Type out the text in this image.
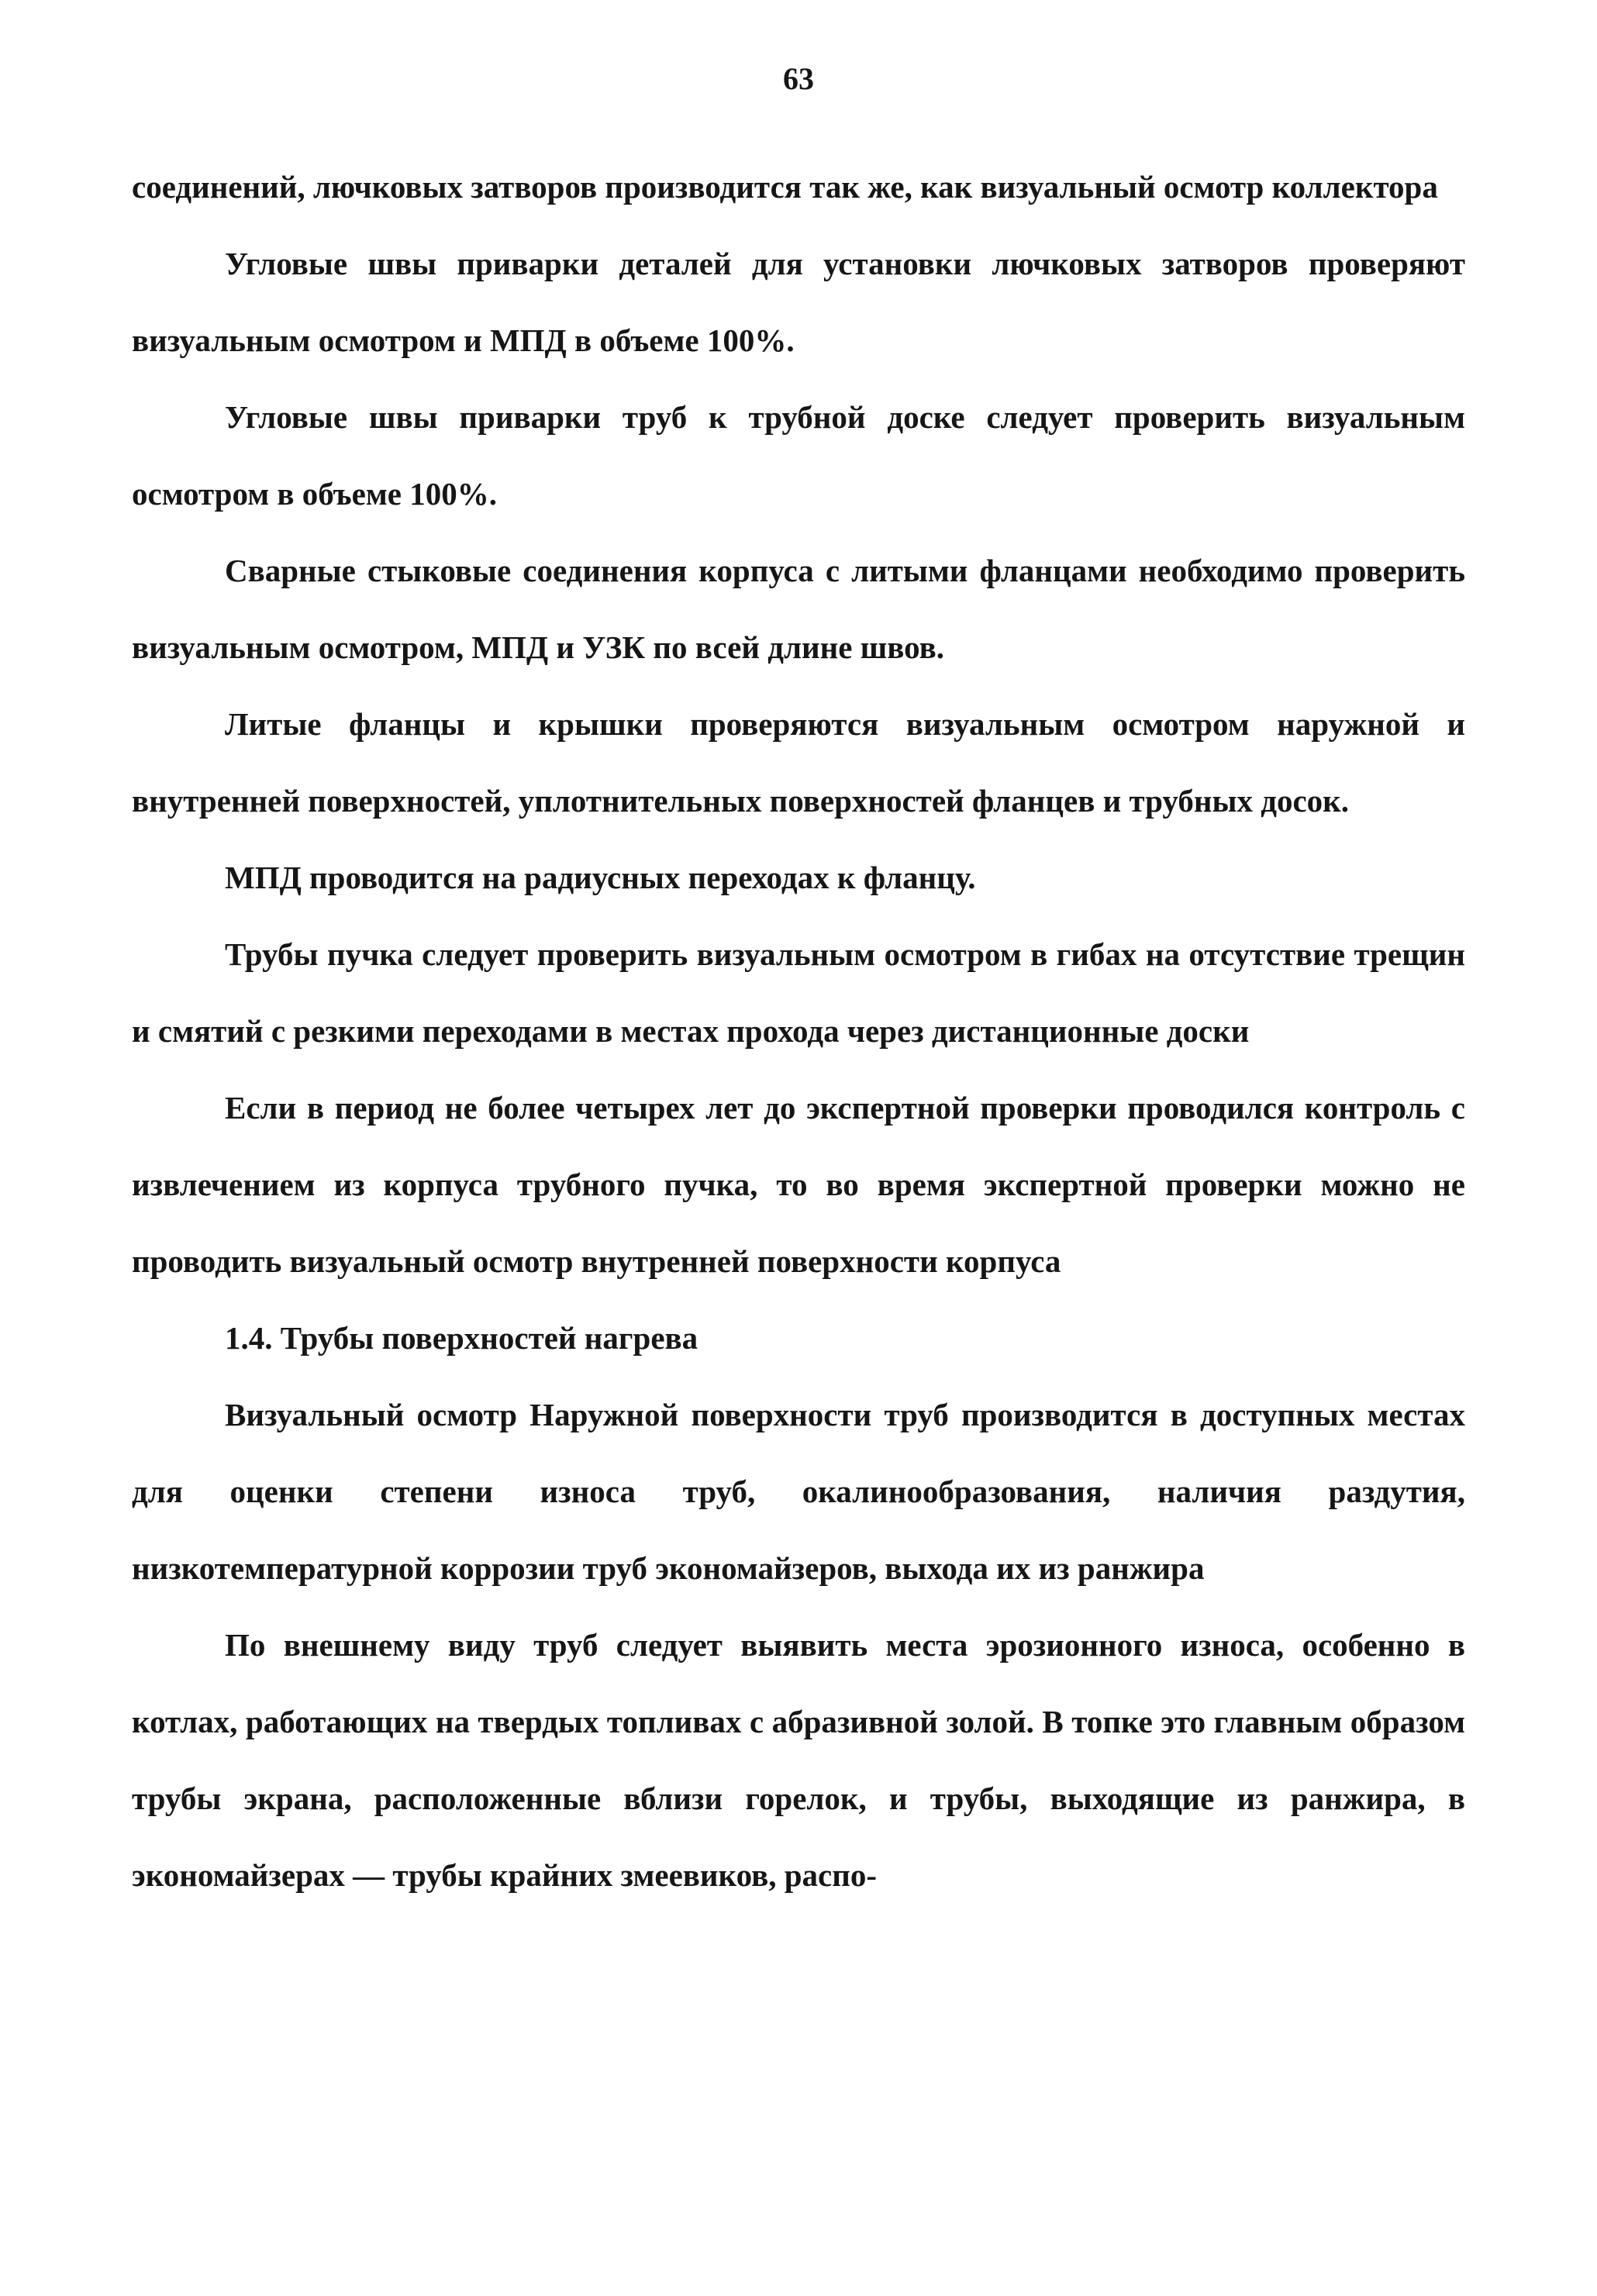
63

соединений, лючковых затворов производится так же, как визуальный осмотр коллектора

Угловые швы приварки деталей для установки лючковых затворов проверяют визуальным осмотром и МПД в объеме 100%.

Угловые швы приварки труб к трубной доске следует проверить визуальным осмотром в объеме 100%.

Сварные стыковые соединения корпуса с литыми фланцами необходимо проверить визуальным осмотром, МПД и УЗК по всей длине швов.

Литые фланцы и крышки проверяются визуальным осмотром наружной и внутренней поверхностей, уплотнительных поверхностей фланцев и трубных досок.

МПД проводится на радиусных переходах к фланцу.

Трубы пучка следует проверить визуальным осмотром в гибах на отсутствие трещин и смятий с резкими переходами в местах прохода через дистанционные доски

Если в период не более четырех лет до экспертной проверки проводился контроль с извлечением из корпуса трубного пучка, то во время экспертной проверки можно не проводить визуальный осмотр внутренней поверхности корпуса

1.4. Трубы поверхностей нагрева

Визуальный осмотр Наружной поверхности труб производится в доступных местах для оценки степени износа труб, окалинообразования, наличия раздутия, низкотемпературной коррозии труб экономайзеров, выхода их из ранжира

По внешнему виду труб следует выявить места эрозионного износа, особенно в котлах, работающих на твердых топливах с абразивной золой. В топке это главным образом трубы экрана, расположенные вблизи горелок, и трубы, выходящие из ранжира, в экономайзерах — трубы крайних змеевиков, распо-
